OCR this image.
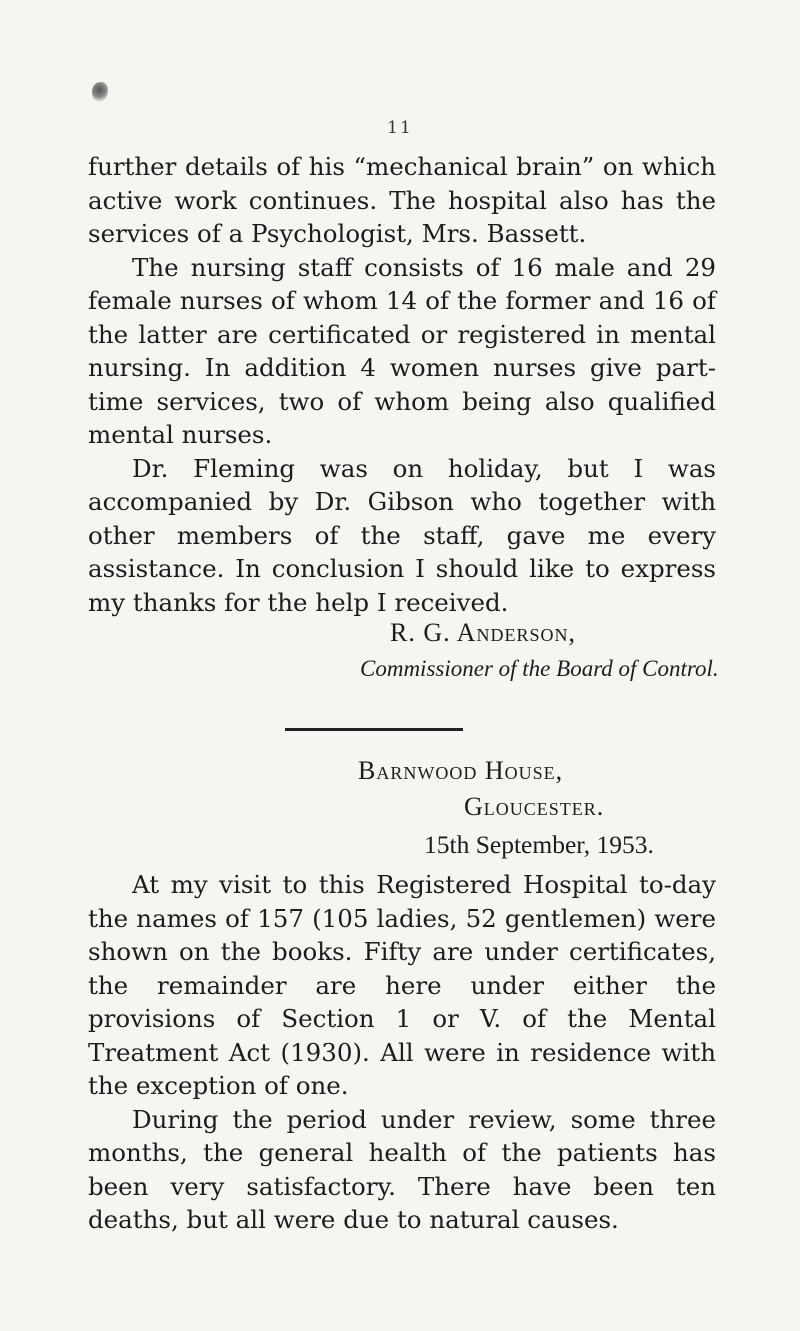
11

further details of his “mechanical brain” on which active work continues. The hospital also has the services of a Psychologist, Mrs. Bassett.

The nursing staff consists of 16 male and 29 female nurses of whom 14 of the former and 16 of the latter are certificated or registered in mental nursing. In addition 4 women nurses give part-time services, two of whom being also qualified mental nurses.

Dr. Fleming was on holiday, but I was accompanied by Dr. Gibson who together with other members of the staff, gave me every assistance. In conclusion I should like to express my thanks for the help I received.

R. G. Anderson,
Commissioner of the Board of Control.
Barnwood House,
Gloucester.
15th September, 1953.

At my visit to this Registered Hospital to-day the names of 157 (105 ladies, 52 gentlemen) were shown on the books. Fifty are under certificates, the remainder are here under either the provisions of Section 1 or V. of the Mental Treatment Act (1930). All were in residence with the exception of one.

During the period under review, some three months, the general health of the patients has been very satisfactory. There have been ten deaths, but all were due to natural causes.
